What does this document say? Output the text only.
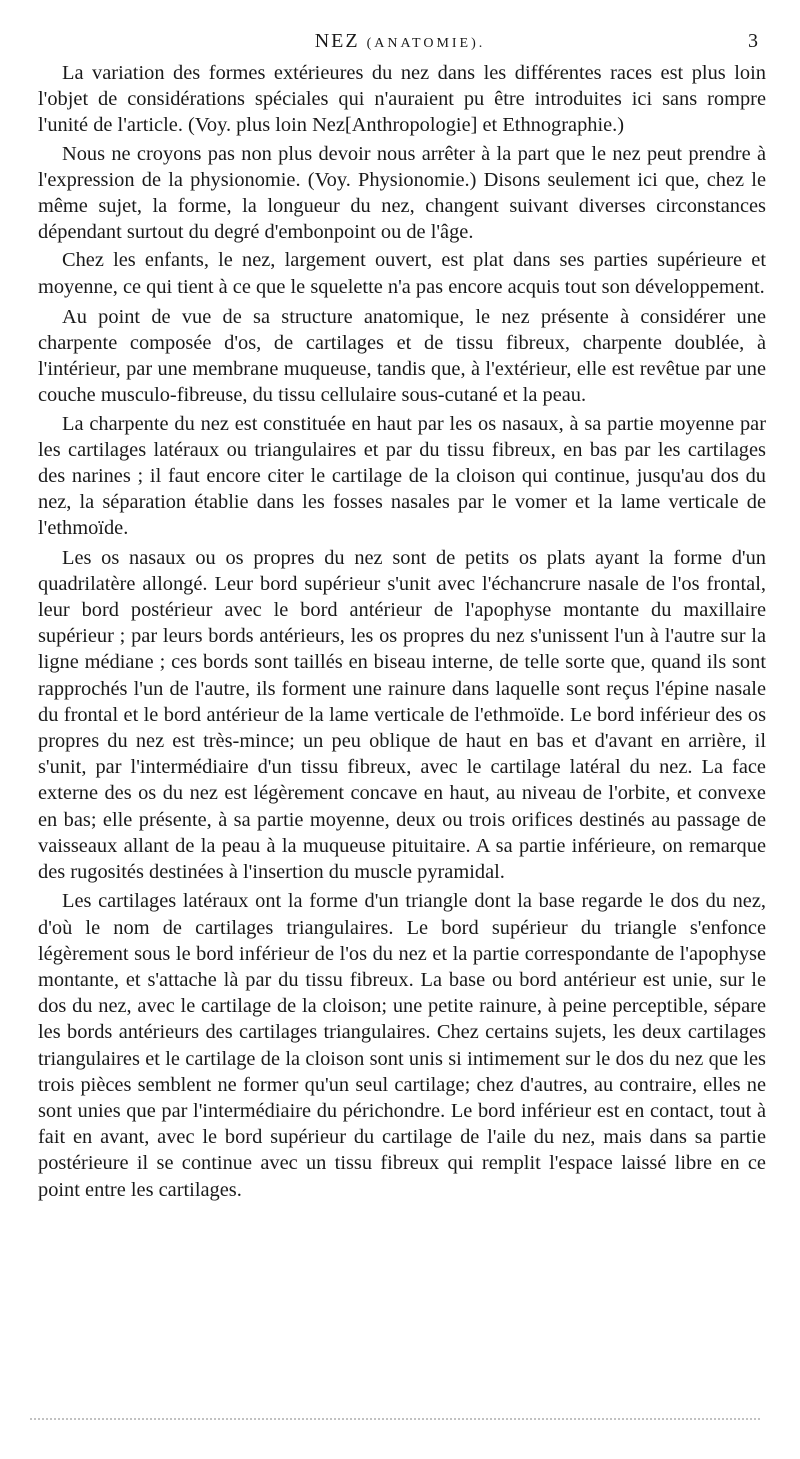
NEZ (ANATOMIE).	3

La variation des formes extérieures du nez dans les différentes races est plus loin l'objet de considérations spéciales qui n'auraient pu être introduites ici sans rompre l'unité de l'article. (Voy. plus loin Nez[Anthropologie] et Ethnographie.)

Nous ne croyons pas non plus devoir nous arrêter à la part que le nez peut prendre à l'expression de la physionomie. (Voy. Physionomie.) Disons seulement ici que, chez le même sujet, la forme, la longueur du nez, changent suivant diverses circonstances dépendant surtout du degré d'embonpoint ou de l'âge.

Chez les enfants, le nez, largement ouvert, est plat dans ses parties supérieure et moyenne, ce qui tient à ce que le squelette n'a pas encore acquis tout son développement.

Au point de vue de sa structure anatomique, le nez présente à considérer une charpente composée d'os, de cartilages et de tissu fibreux, charpente doublée, à l'intérieur, par une membrane muqueuse, tandis que, à l'extérieur, elle est revêtue par une couche musculo-fibreuse, du tissu cellulaire sous-cutané et la peau.

La charpente du nez est constituée en haut par les os nasaux, à sa partie moyenne par les cartilages latéraux ou triangulaires et par du tissu fibreux, en bas par les cartilages des narines ; il faut encore citer le cartilage de la cloison qui continue, jusqu'au dos du nez, la séparation établie dans les fosses nasales par le vomer et la lame verticale de l'ethmoïde.

Les os nasaux ou os propres du nez sont de petits os plats ayant la forme d'un quadrilatère allongé. Leur bord supérieur s'unit avec l'échancrure nasale de l'os frontal, leur bord postérieur avec le bord antérieur de l'apophyse montante du maxillaire supérieur ; par leurs bords antérieurs, les os propres du nez s'unissent l'un à l'autre sur la ligne médiane ; ces bords sont taillés en biseau interne, de telle sorte que, quand ils sont rapprochés l'un de l'autre, ils forment une rainure dans laquelle sont reçus l'épine nasale du frontal et le bord antérieur de la lame verticale de l'ethmoïde. Le bord inférieur des os propres du nez est très-mince; un peu oblique de haut en bas et d'avant en arrière, il s'unit, par l'intermédiaire d'un tissu fibreux, avec le cartilage latéral du nez. La face externe des os du nez est légèrement concave en haut, au niveau de l'orbite, et convexe en bas; elle présente, à sa partie moyenne, deux ou trois orifices destinés au passage de vaisseaux allant de la peau à la muqueuse pituitaire. A sa partie inférieure, on remarque des rugosités destinées à l'insertion du muscle pyramidal.

Les cartilages latéraux ont la forme d'un triangle dont la base regarde le dos du nez, d'où le nom de cartilages triangulaires. Le bord supérieur du triangle s'enfonce légèrement sous le bord inférieur de l'os du nez et la partie correspondante de l'apophyse montante, et s'attache là par du tissu fibreux. La base ou bord antérieur est unie, sur le dos du nez, avec le cartilage de la cloison; une petite rainure, à peine perceptible, sépare les bords antérieurs des cartilages triangulaires. Chez certains sujets, les deux cartilages triangulaires et le cartilage de la cloison sont unis si intimement sur le dos du nez que les trois pièces semblent ne former qu'un seul cartilage; chez d'autres, au contraire, elles ne sont unies que par l'intermédiaire du périchondre. Le bord inférieur est en contact, tout à fait en avant, avec le bord supérieur du cartilage de l'aile du nez, mais dans sa partie postérieure il se continue avec un tissu fibreux qui remplit l'espace laissé libre en ce point entre les cartilages.
